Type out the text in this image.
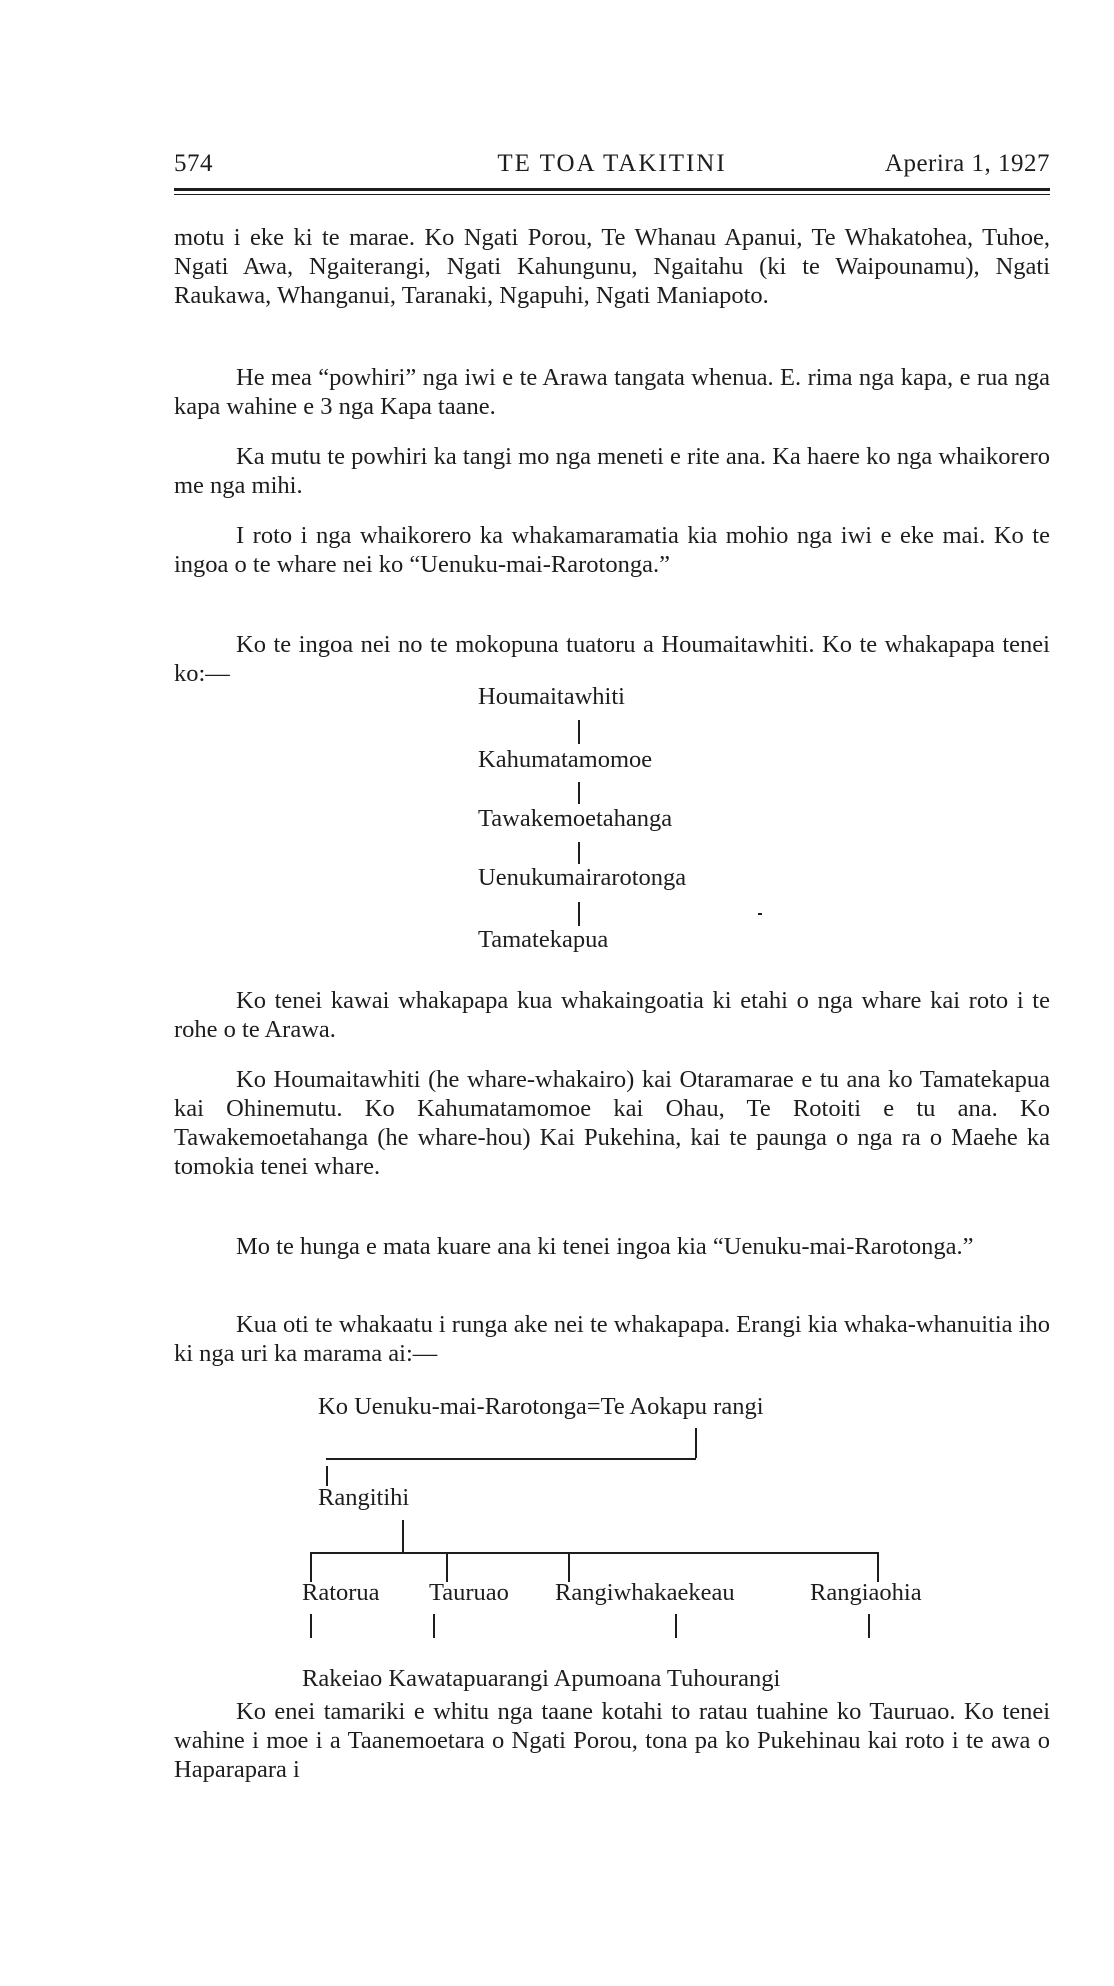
574	TE TOA TAKITINI	Aperira 1, 1927

motu i eke ki te marae. Ko Ngati Porou, Te Whanau Apanui, Te Whakatohea, Tuhoe, Ngati Awa, Ngaiterangi, Ngati Kahungunu, Ngaitahu (ki te Waipounamu), Ngati Raukawa, Whanganui, Taranaki, Ngapuhi, Ngati Maniapoto.

He mea “powhiri” nga iwi e te Arawa tangata whenua. E. rima nga kapa, e rua nga kapa wahine e 3 nga Kapa taane.

Ka mutu te powhiri ka tangi mo nga meneti e rite ana. Ka haere ko nga whaikorero me nga mihi.

I roto i nga whaikorero ka whakamaramatia kia mohio nga iwi e eke mai. Ko te ingoa o te whare nei ko “Uenuku-mai-Rarotonga.”

Ko te ingoa nei no te mokopuna tuatoru a Houmaitawhiti. Ko te whakapapa tenei ko:—

Houmaitawhiti
Kahumatamomoe
Tawakemoetahanga
Uenukumairarotonga
Tamatekapua

Ko tenei kawai whakapapa kua whakaingoatia ki etahi o nga whare kai roto i te rohe o te Arawa.

Ko Houmaitawhiti (he whare-whakairo) kai Otaramarae e tu ana ko Tamatekapua kai Ohinemutu. Ko Kahumatamomoe kai Ohau, Te Rotoiti e tu ana. Ko Tawakemoetahanga (he whare-hou) Kai Pukehina, kai te paunga o nga ra o Maehe ka tomokia tenei whare.

Mo te hunga e mata kuare ana ki tenei ingoa kia “Uenuku-mai-Rarotonga.”

Kua oti te whakaatu i runga ake nei te whakapapa. Erangi kia whaka-whanuitia iho ki nga uri ka marama ai:—

Ko Uenuku-mai-Rarotonga=Te Aokapu rangi
Rangitihi
Ratorua Tauruao Rangiwhakaekeau	Rangiaohia
Rakeiao Kawatapuarangi Apumoana Tuhourangi

Ko enei tamariki e whitu nga taane kotahi to ratau tuahine ko Tauruao. Ko tenei wahine i moe i a Taanemoetara o Ngati Porou, tona pa ko Pukehinau kai roto i te awa o Haparapara i
